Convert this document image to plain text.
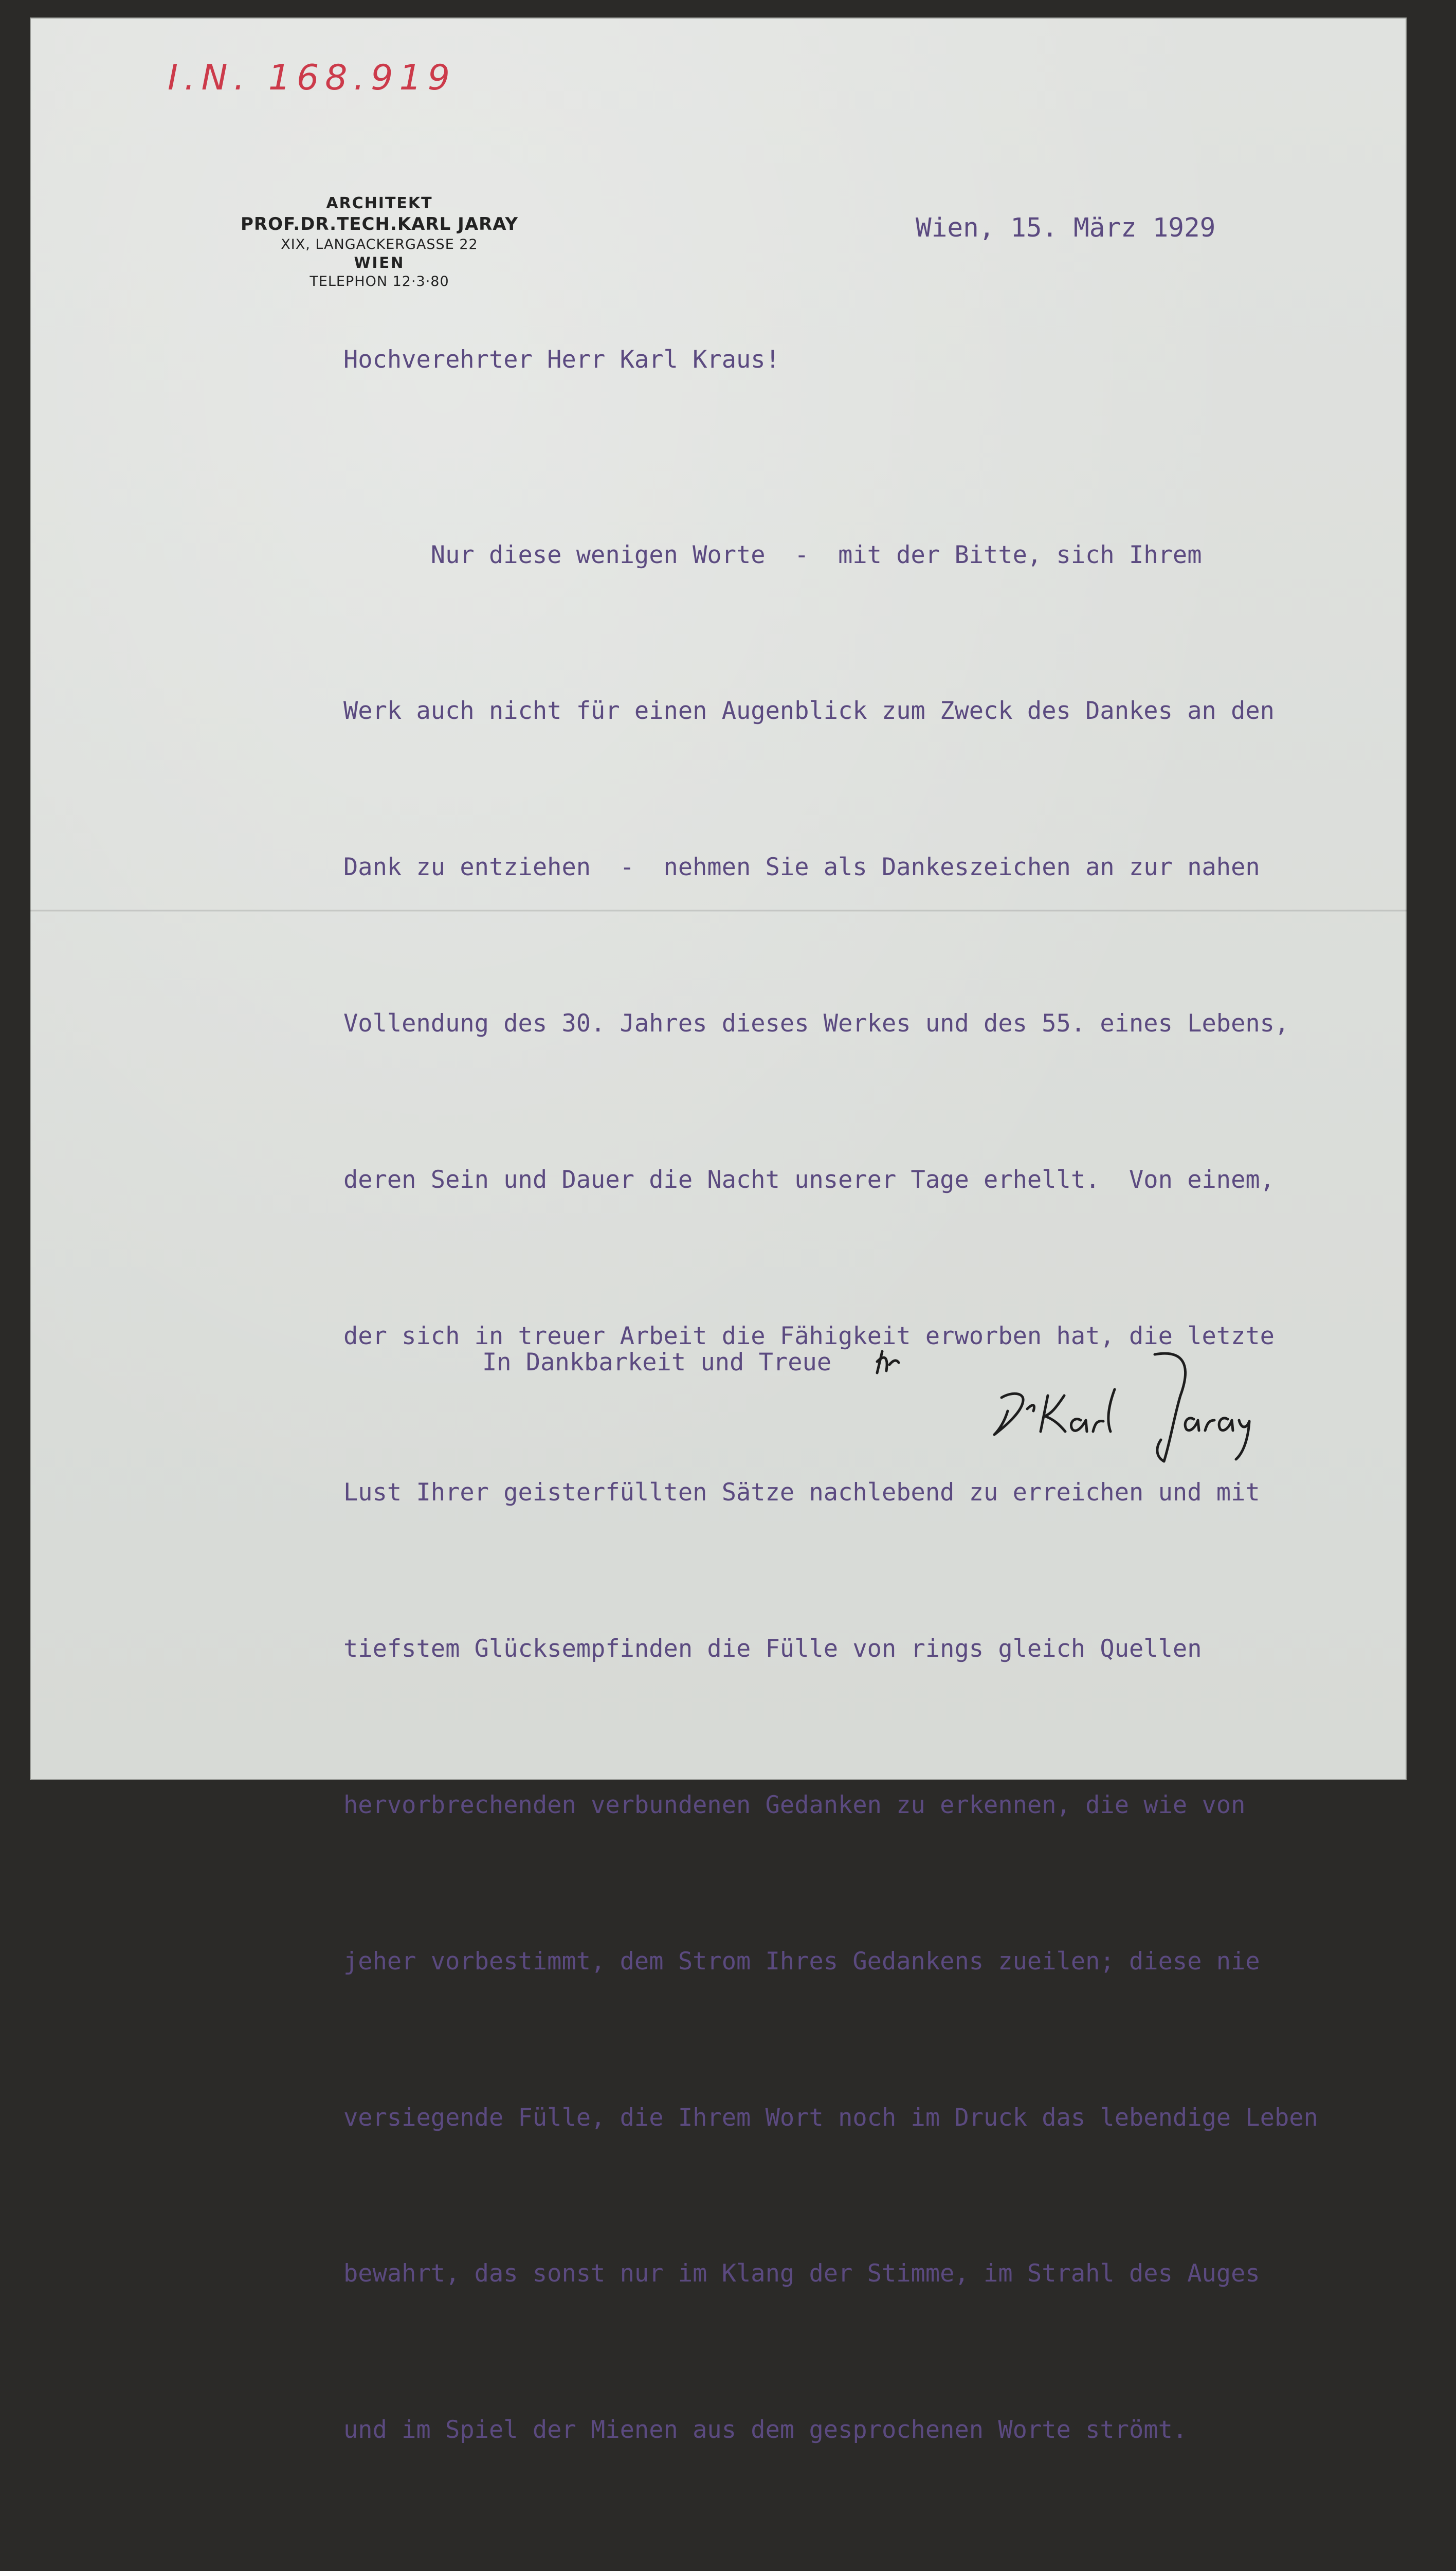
I.N. 168.919
ARCHITEKT
PROF.DR.TECH.KARL JARAY
XIX, LANGACKERGASSE 22
WIEN
TELEPHON 12·3·80
Wien, 15. März 1929
Hochverehrter Herr Karl Kraus!

Nur diese wenigen Worte  -  mit der Bitte, sich Ihrem

Werk auch nicht für einen Augenblick zum Zweck des Dankes an den

Dank zu entziehen  -  nehmen Sie als Dankeszeichen an zur nahen

Vollendung des 30. Jahres dieses Werkes und des 55. eines Lebens,

deren Sein und Dauer die Nacht unserer Tage erhellt.  Von einem,

der sich in treuer Arbeit die Fähigkeit erworben hat, die letzte

Lust Ihrer geisterfüllten Sätze nachlebend zu erreichen und mit

tiefstem Glücksempfinden die Fülle von rings gleich Quellen

hervorbrechenden verbundenen Gedanken zu erkennen, die wie von

jeher vorbestimmt, dem Strom Ihres Gedankens zueilen; diese nie

versiegende Fülle, die Ihrem Wort noch im Druck das lebendige Leben

bewahrt, das sonst nur im Klang der Stimme, im Strahl des Auges

und im Spiel der Mienen aus dem gesprochenen Worte strömt.

In Dankbarkeit und Treue
